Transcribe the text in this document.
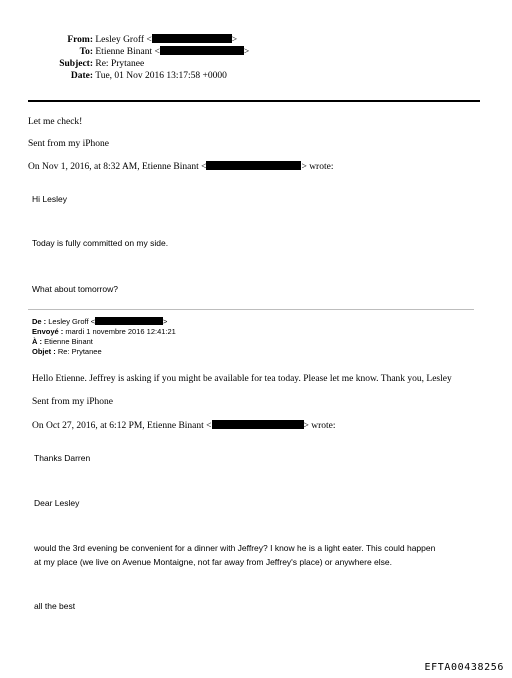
From: Lesley Groff <	>
To: Etienne Binant <	>
Subject: Re: Prytanee
Date: Tue, 01 Nov 2016 13:17:58 +0000
Let me check!
Sent from my iPhone
On Nov 1, 2016, at 8:32 AM, Etienne Binant <	> wrote:
Hi Lesley
Today is fully committed on my side.
What about tomorrow?
De : Lesley Groff <	>
Envoyé : mardi 1 novembre 2016 12:41:21
À : Etienne Binant
Objet : Re: Prytanee
Hello Etienne. Jeffrey is asking if you might be available for tea today. Please let me know. Thank you, Lesley
Sent from my iPhone
On Oct 27, 2016, at 6:12 PM, Etienne Binant <	> wrote:
Thanks Darren
Dear Lesley
would the 3rd evening be convenient for a dinner with Jeffrey? I know he is a light eater. This could happen
at my place (we live on Avenue Montaigne, not far away from Jeffrey's place) or anywhere else.
all the best
EFTA00438256
